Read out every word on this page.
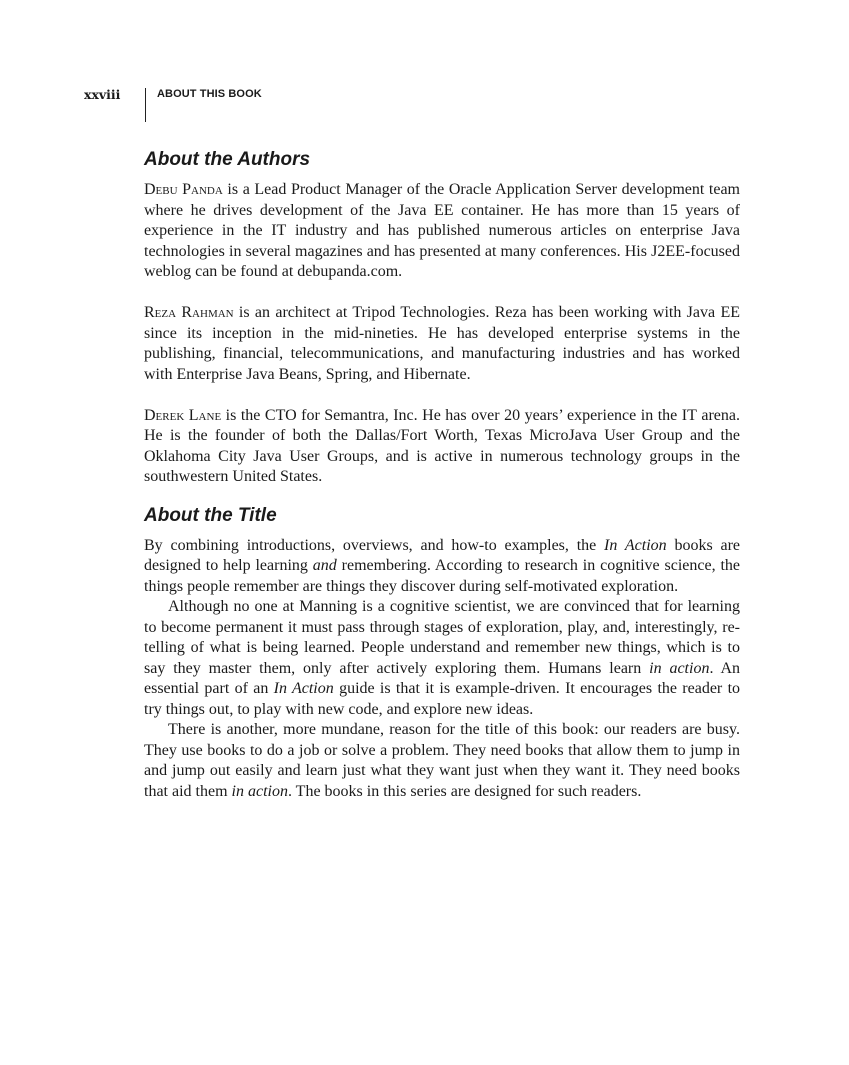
xxviii	ABOUT THIS BOOK
About the Authors

Debu Panda is a Lead Product Manager of the Oracle Application Server development team where he drives development of the Java EE container. He has more than 15 years of experience in the IT industry and has published numerous articles on enterprise Java technologies in several magazines and has presented at many conferences. His J2EE-focused weblog can be found at debupanda.com.

Reza Rahman is an architect at Tripod Technologies. Reza has been working with Java EE since its inception in the mid-nineties. He has developed enterprise systems in the publishing, financial, telecommunications, and manufacturing industries and has worked with Enterprise Java Beans, Spring, and Hibernate.

Derek Lane is the CTO for Semantra, Inc. He has over 20 years’ experience in the IT arena. He is the founder of both the Dallas/Fort Worth, Texas MicroJava User Group and the Oklahoma City Java User Groups, and is active in numerous technology groups in the southwestern United States.

About the Title

By combining introductions, overviews, and how-to examples, the In Action books are designed to help learning and remembering. According to research in cognitive science, the things people remember are things they discover during self-motivated exploration.

Although no one at Manning is a cognitive scientist, we are convinced that for learning to become permanent it must pass through stages of exploration, play, and, interestingly, re-telling of what is being learned. People understand and remember new things, which is to say they master them, only after actively exploring them. Humans learn in action. An essential part of an In Action guide is that it is example-driven. It encourages the reader to try things out, to play with new code, and explore new ideas.

There is another, more mundane, reason for the title of this book: our readers are busy. They use books to do a job or solve a problem. They need books that allow them to jump in and jump out easily and learn just what they want just when they want it. They need books that aid them in action. The books in this series are designed for such readers.
